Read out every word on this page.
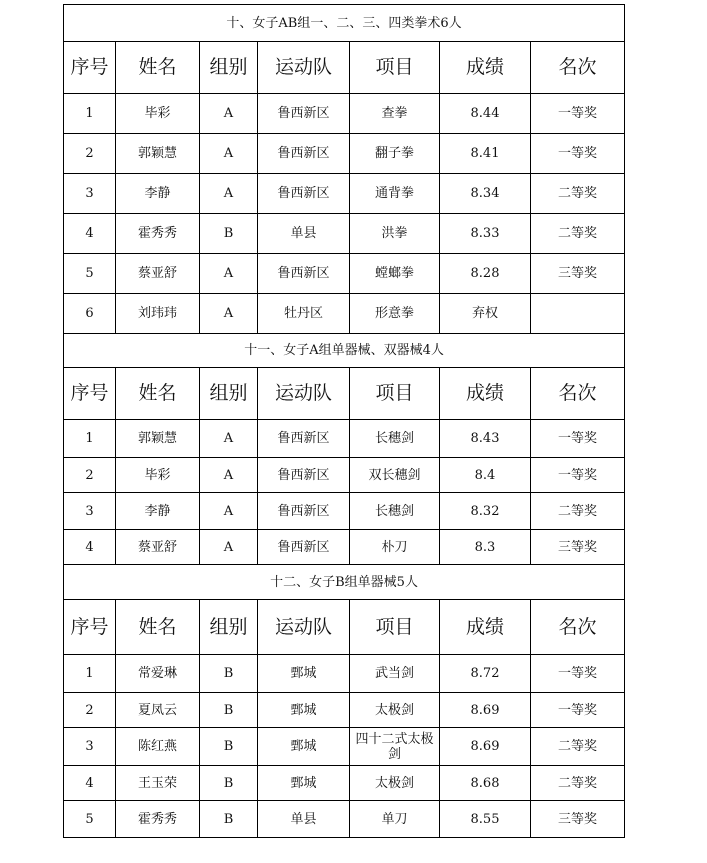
十、女子AB组一、二、三、四类拳术6人						
序号	姓名	组别	运动队	项目	成绩	名次
1	毕彩	A	鲁西新区	查拳	8.44	一等奖
2	郭颖慧	A	鲁西新区	翻子拳	8.41	一等奖
3	李静	A	鲁西新区	通背拳	8.34	二等奖
4	霍秀秀	B	单县	洪拳	8.33	二等奖
5	蔡亚舒	A	鲁西新区	螳螂拳	8.28	三等奖
6	刘玮玮	A	牡丹区	形意拳	弃权	
十一、女子A组单器械、双器械4人						
序号	姓名	组别	运动队	项目	成绩	名次
1	郭颖慧	A	鲁西新区	长穗剑	8.43	一等奖
2	毕彩	A	鲁西新区	双长穗剑	8.4	一等奖
3	李静	A	鲁西新区	长穗剑	8.32	二等奖
4	蔡亚舒	A	鲁西新区	朴刀	8.3	三等奖
十二、女子B组单器械5人						
序号	姓名	组别	运动队	项目	成绩	名次
1	常爱琳	B	鄄城	武当剑	8.72	一等奖
2	夏凤云	B	鄄城	太极剑	8.69	一等奖
3	陈红燕	B	鄄城	四十二式太极剑	8.69	二等奖
4	王玉荣	B	鄄城	太极剑	8.68	二等奖
5	霍秀秀	B	单县	单刀	8.55	三等奖
